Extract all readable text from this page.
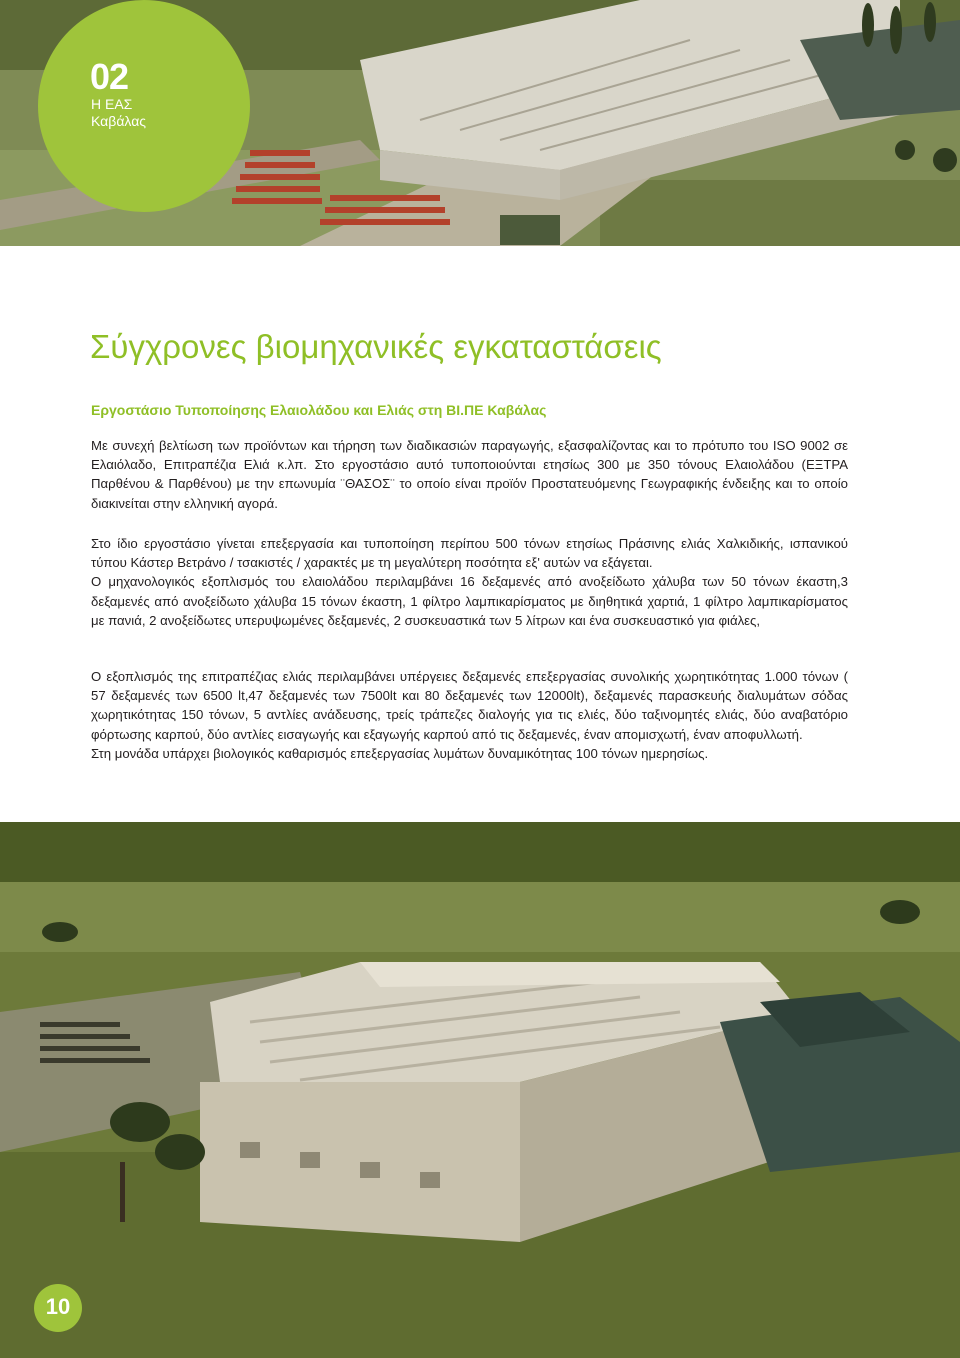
02
Η ΕΑΣ
Καβάλας
Σύγχρονες βιομηχανικές εγκαταστάσεις
Εργοστάσιο Τυποποίησης Ελαιολάδου και Ελιάς στη ΒΙ.ΠΕ Καβάλας

Με συνεχή βελτίωση των προϊόντων και τήρηση των διαδικασιών παραγωγής, εξασφαλίζοντας και το πρότυπο του ISO 9002 σε Ελαιόλαδο, Επιτραπέζια Ελιά κ.λπ. Στο εργοστάσιο αυτό τυποποιούνται ετησίως 300 με 350 τόνους Ελαιολάδου (ΕΞΤΡΑ Παρθένου & Παρθένου) με την επωνυμία ¨ΘΑΣΟΣ¨ το οποίο είναι προϊόν Προστατευόμενης Γεωγραφικής ένδειξης και το οποίο διακινείται στην ελληνική αγορά.

Στο ίδιο εργοστάσιο γίνεται επεξεργασία και τυποποίηση περίπου 500 τόνων ετησίως Πράσινης ελιάς Χαλκιδικής, ισπανικού τύπου Κάστερ Βετράνο / τσακιστές / χαρακτές με τη μεγαλύτερη ποσότητα εξ' αυτών να εξάγεται.

Ο μηχανολογικός εξοπλισμός του ελαιολάδου περιλαμβάνει 16 δεξαμενές από ανοξείδωτο χάλυβα των 50 τόνων έκαστη,3 δεξαμενές από ανοξείδωτο χάλυβα 15 τόνων έκαστη, 1 φίλτρο λαμπικαρίσματος με διηθητικά χαρτιά, 1 φίλτρο λαμπικαρίσματος με πανιά, 2 ανοξείδωτες υπερυψωμένες δεξαμενές, 2 συσκευαστικά των 5 λίτρων και ένα συσκευαστικό για φιάλες,

Ο εξοπλισμός της επιτραπέζιας ελιάς περιλαμβάνει υπέργειες δεξαμενές επεξεργασίας συνολικής χωρητικότητας 1.000 τόνων ( 57 δεξαμενές των 6500 lt,47 δεξαμενές των 7500lt και 80 δεξαμενές των 12000lt), δεξαμενές παρασκευής διαλυμάτων σόδας χωρητικότητας 150 τόνων, 5 αντλίες ανάδευσης, τρείς τράπεζες διαλογής για τις ελιές, δύο ταξινομητές ελιάς, δύο αναβατόριο φόρτωσης καρπού, δύο αντλίες εισαγωγής και εξαγωγής καρπού από τις δεξαμενές, έναν απομισχωτή, έναν αποφυλλωτή.

Στη μονάδα υπάρχει βιολογικός καθαρισμός επεξεργασίας λυμάτων δυναμικότητας 100 τόνων ημερησίως.

10
